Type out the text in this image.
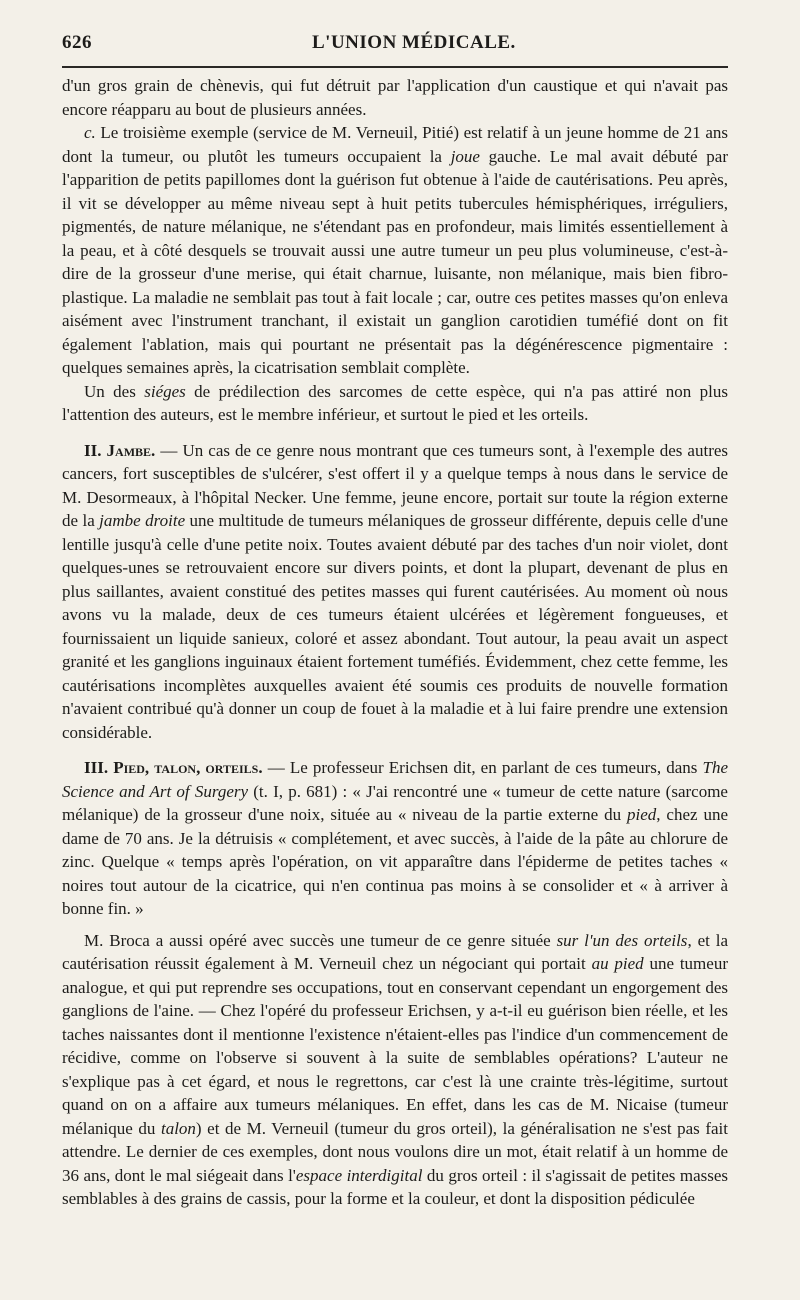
626	L'UNION MÉDICALE.

d'un gros grain de chènevis, qui fut détruit par l'application d'un caustique et qui n'avait pas encore réapparu au bout de plusieurs années.

c. Le troisième exemple (service de M. Verneuil, Pitié) est relatif à un jeune homme de 21 ans dont la tumeur, ou plutôt les tumeurs occupaient la joue gauche. Le mal avait débuté par l'apparition de petits papillomes dont la guérison fut obtenue à l'aide de cautérisations. Peu après, il vit se développer au même niveau sept à huit petits tubercules hémisphériques, irréguliers, pigmentés, de nature mélanique, ne s'étendant pas en profondeur, mais limités essentiellement à la peau, et à côté desquels se trouvait aussi une autre tumeur un peu plus volumineuse, c'est-à-dire de la grosseur d'une merise, qui était charnue, luisante, non mélanique, mais bien fibro-plastique. La maladie ne semblait pas tout à fait locale ; car, outre ces petites masses qu'on enleva aisément avec l'instrument tranchant, il existait un ganglion carotidien tuméfié dont on fit également l'ablation, mais qui pourtant ne présentait pas la dégénérescence pigmentaire : quelques semaines après, la cicatrisation semblait complète.

Un des siéges de prédilection des sarcomes de cette espèce, qui n'a pas attiré non plus l'attention des auteurs, est le membre inférieur, et surtout le pied et les orteils.

II. Jambe. — Un cas de ce genre nous montrant que ces tumeurs sont, à l'exemple des autres cancers, fort susceptibles de s'ulcérer, s'est offert il y a quelque temps à nous dans le service de M. Desormeaux, à l'hôpital Necker. Une femme, jeune encore, portait sur toute la région externe de la jambe droite une multitude de tumeurs mélaniques de grosseur différente, depuis celle d'une lentille jusqu'à celle d'une petite noix. Toutes avaient débuté par des taches d'un noir violet, dont quelques-unes se retrouvaient encore sur divers points, et dont la plupart, devenant de plus en plus saillantes, avaient constitué des petites masses qui furent cautérisées. Au moment où nous avons vu la malade, deux de ces tumeurs étaient ulcérées et légèrement fongueuses, et fournissaient un liquide sanieux, coloré et assez abondant. Tout autour, la peau avait un aspect granité et les ganglions inguinaux étaient fortement tuméfiés. Évidemment, chez cette femme, les cautérisations incomplètes auxquelles avaient été soumis ces produits de nouvelle formation n'avaient contribué qu'à donner un coup de fouet à la maladie et à lui faire prendre une extension considérable.

III. Pied, talon, orteils. — Le professeur Erichsen dit, en parlant de ces tumeurs, dans The Science and Art of Surgery (t. I, p. 681) : « J'ai rencontré une « tumeur de cette nature (sarcome mélanique) de la grosseur d'une noix, située au « niveau de la partie externe du pied, chez une dame de 70 ans. Je la détruisis « complétement, et avec succès, à l'aide de la pâte au chlorure de zinc. Quelque « temps après l'opération, on vit apparaître dans l'épiderme de petites taches « noires tout autour de la cicatrice, qui n'en continua pas moins à se consolider et « à arriver à bonne fin. »

M. Broca a aussi opéré avec succès une tumeur de ce genre située sur l'un des orteils, et la cautérisation réussit également à M. Verneuil chez un négociant qui portait au pied une tumeur analogue, et qui put reprendre ses occupations, tout en conservant cependant un engorgement des ganglions de l'aine. — Chez l'opéré du professeur Erichsen, y a-t-il eu guérison bien réelle, et les taches naissantes dont il mentionne l'existence n'étaient-elles pas l'indice d'un commencement de récidive, comme on l'observe si souvent à la suite de semblables opérations? L'auteur ne s'explique pas à cet égard, et nous le regrettons, car c'est là une crainte très-légitime, surtout quand on on a affaire aux tumeurs mélaniques. En effet, dans les cas de M. Nicaise (tumeur mélanique du talon) et de M. Verneuil (tumeur du gros orteil), la généralisation ne s'est pas fait attendre. Le dernier de ces exemples, dont nous voulons dire un mot, était relatif à un homme de 36 ans, dont le mal siégeait dans l'espace interdigital du gros orteil : il s'agissait de petites masses semblables à des grains de cassis, pour la forme et la couleur, et dont la disposition pédiculée
